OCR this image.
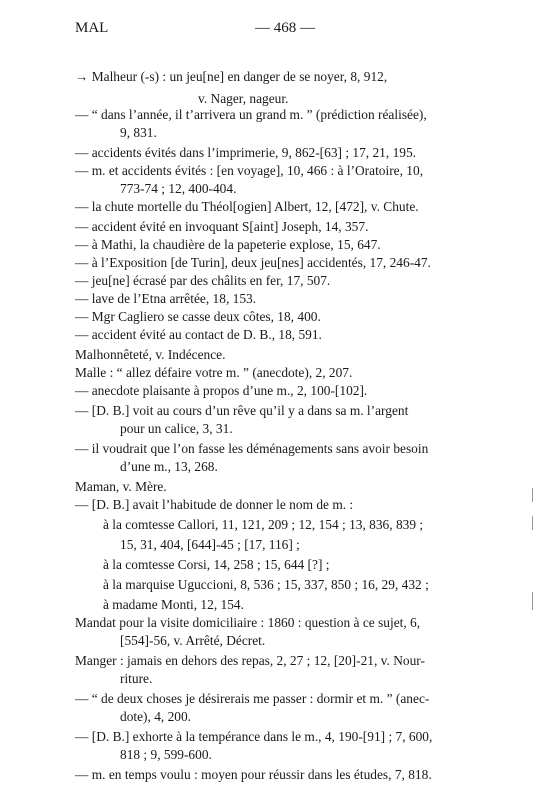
MAL	— 468 —
→ Malheur (-s) : un jeu[ne] en danger de se noyer, 8, 912,
v. Nager, nageur.
— “ dans l’année, il t’arrivera un grand m. ” (prédiction réalisée),
9, 831.
— accidents évités dans l’imprimerie, 9, 862-[63] ; 17, 21, 195.
— m. et accidents évités : [en voyage], 10, 466 : à l’Oratoire, 10,
773-74 ; 12, 400-404.
— la chute mortelle du Théol[ogien] Albert, 12, [472], v. Chute.
— accident évité en invoquant S[aint] Joseph, 14, 357.
— à Mathi, la chaudière de la papeterie explose, 15, 647.
— à l’Exposition [de Turin], deux jeu[nes] accidentés, 17, 246-47.
— jeu[ne] écrasé par des châlits en fer, 17, 507.
— lave de l’Etna arrêtée, 18, 153.
— Mgr Cagliero se casse deux côtes, 18, 400.
— accident évité au contact de D. B., 18, 591.
Malhonnêteté, v. Indécence.
Malle : “ allez défaire votre m. ” (anecdote), 2, 207.
— anecdote plaisante à propos d’une m., 2, 100-[102].
— [D. B.] voit au cours d’un rêve qu’il y a dans sa m. l’argent
pour un calice, 3, 31.
— il voudrait que l’on fasse les déménagements sans avoir besoin
d’une m., 13, 268.
Maman, v. Mère.
— [D. B.] avait l’habitude de donner le nom de m. :
à la comtesse Callori, 11, 121, 209 ; 12, 154 ; 13, 836, 839 ;
15, 31, 404, [644]-45 ; [17, 116] ;
à la comtesse Corsi, 14, 258 ; 15, 644 [?] ;
à la marquise Uguccioni, 8, 536 ; 15, 337, 850 ; 16, 29, 432 ;
à madame Monti, 12, 154.
Mandat pour la visite domiciliaire : 1860 : question à ce sujet, 6,
[554]-56, v. Arrêté, Décret.
Manger : jamais en dehors des repas, 2, 27 ; 12, [20]-21, v. Nour-
riture.
— “ de deux choses je désirerais me passer : dormir et m. ” (anec-
dote), 4, 200.
— [D. B.] exhorte à la tempérance dans le m., 4, 190-[91] ; 7, 600,
818 ; 9, 599-600.
— m. en temps voulu : moyen pour réussir dans les études, 7, 818.
